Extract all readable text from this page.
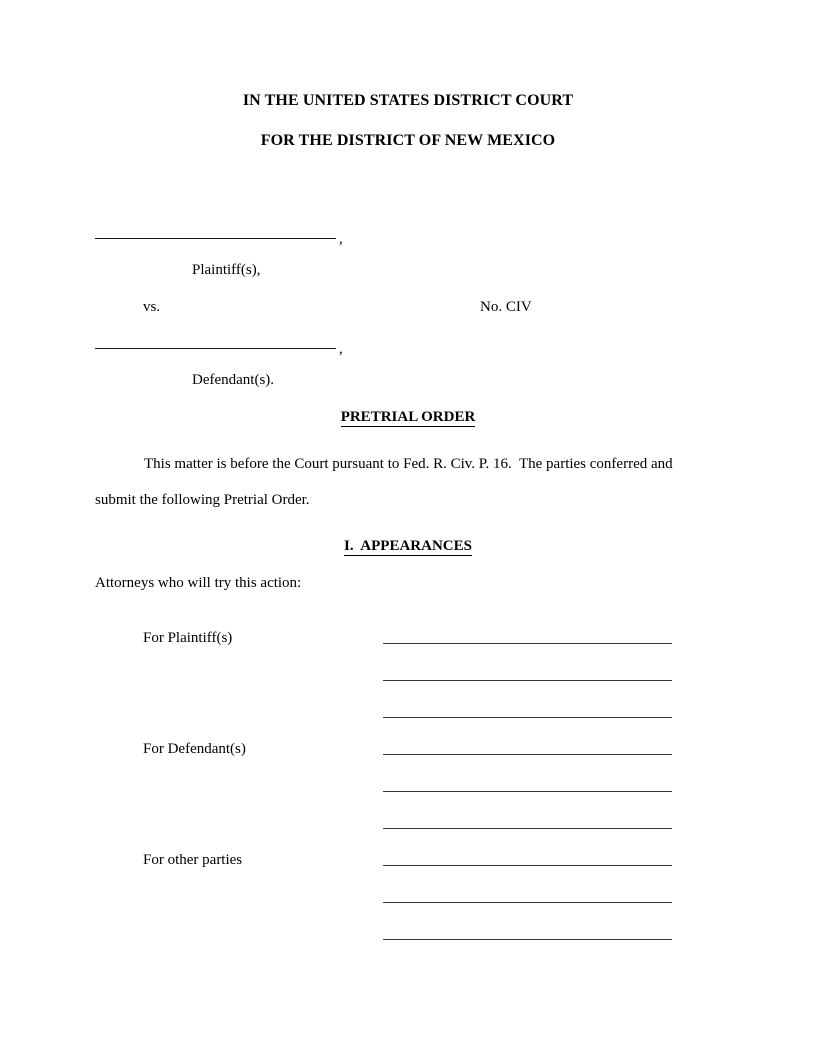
IN THE UNITED STATES DISTRICT COURT
FOR THE DISTRICT OF NEW MEXICO
,
Plaintiff(s),
vs.	No. CIV
,
Defendant(s).
PRETRIAL ORDER
This matter is before the Court pursuant to Fed. R. Civ. P. 16.  The parties conferred and submit the following Pretrial Order.
I.  APPEARANCES
Attorneys who will try this action:
For Plaintiff(s)
For Defendant(s)
For other parties
